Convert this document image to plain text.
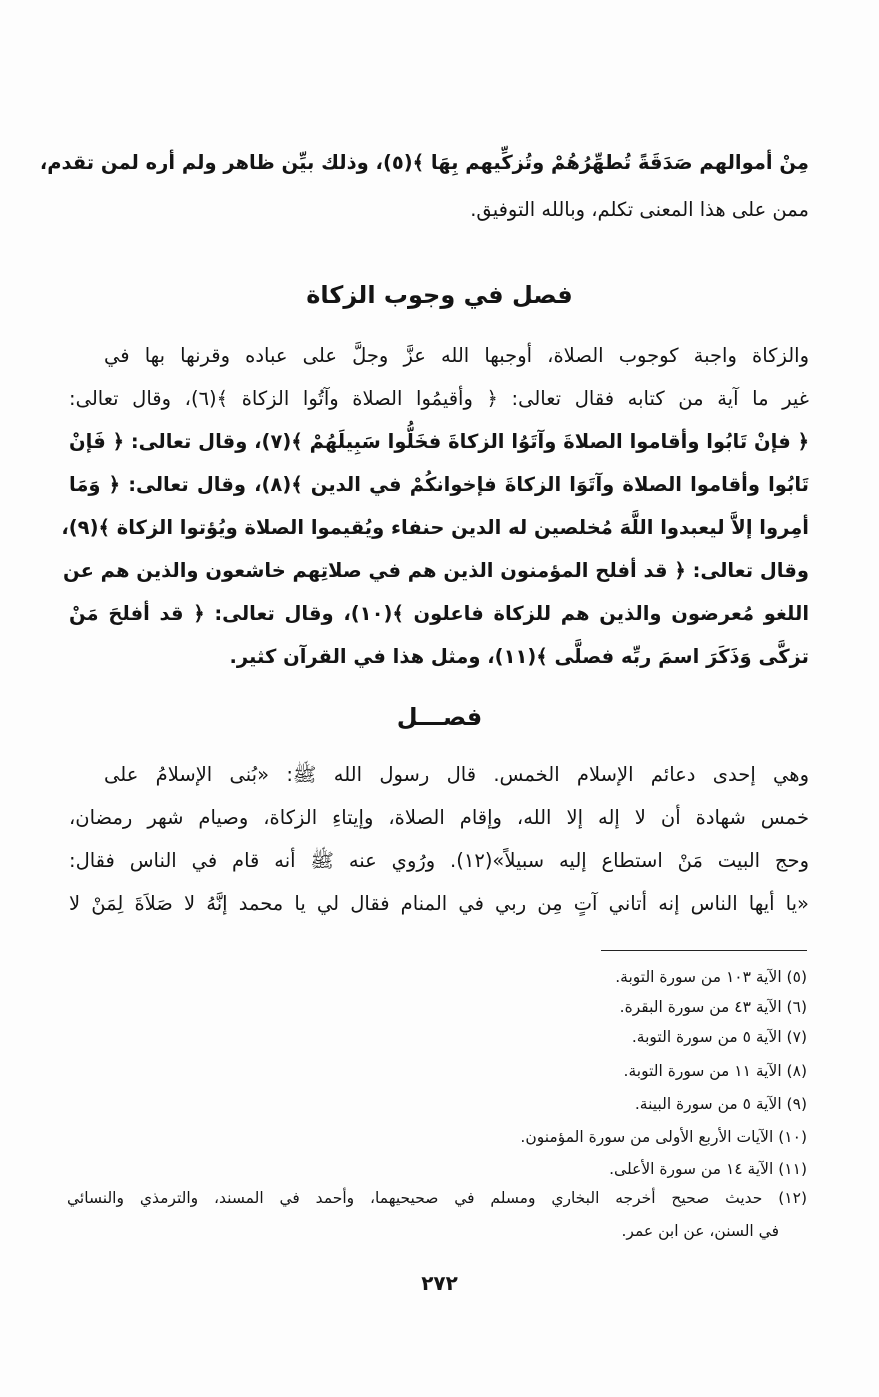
مِنْ أموالهم صَدَقَةً تُطهِّرُهُمْ وتُزكِّيهم بِهَا ﴾(٥)، وذلك بيِّن ظاهر ولم أره لمن تقدم،
ممن على هذا المعنى تكلم، وبالله التوفيق.
فصل في وجوب الزكاة
والزكاة واجبة كوجوب الصلاة، أوجبها الله عزَّ وجلَّ على عباده وقرنها بها في
غير ما آية من كتابه فقال تعالى: ﴿ وأقيمُوا الصلاة وآتُوا الزكاة ﴾(٦)، وقال تعالى:
﴿ فإنْ تَابُوا وأقاموا الصلاةَ وآتَوُا الزكاةَ فخَلُّوا سَبِيلَهُمْ ﴾(٧)، وقال تعالى: ﴿ فَإنْ
تَابُوا وأقاموا الصلاة وآتَوَا الزكاةَ فإخوانكُمْ في الدين ﴾(٨)، وقال تعالى: ﴿ وَمَا
أمِروا إلاَّ ليعبدوا اللَّهَ مُخلصين له الدين حنفاء ويُقيموا الصلاة ويُؤتوا الزكاة ﴾(٩)،
وقال تعالى: ﴿ قد أفلح المؤمنون الذين هم في صلاتِهم خاشعون والذين هم عن
اللغو مُعرضون والذين هم للزكاة فاعلون ﴾(١٠)، وقال تعالى: ﴿ قد أفلحَ مَنْ
تزكَّى وَذَكَرَ اسمَ ربِّه فصلَّى ﴾(١١)، ومثل هذا في القرآن كثير.
فصـــل
وهي إحدى دعائم الإسلام الخمس. قال رسول الله ﷺ: «بُنى الإسلامُ على
خمس شهادة أن لا إله إلا الله، وإقام الصلاة، وإيتاءِ الزكاة، وصيام شهر رمضان،
وحج البيت مَنْ استطاع إليه سبيلاً»(١٢). ورُوي عنه ﷺ أنه قام في الناس فقال:
«يا أيها الناس إنه أتاني آتٍ مِن ربي في المنام فقال لي يا محمد إنَّهُ لا صَلاَةَ لِمَنْ لا
(٥) الآية ١٠٣ من سورة التوبة.
(٦) الآية ٤٣ من سورة البقرة.
(٧) الآية ٥ من سورة التوبة.
(٨) الآية ١١ من سورة التوبة.
(٩) الآية ٥ من سورة البينة.
(١٠) الآيات الأربع الأولى من سورة المؤمنون.
(١١) الآية ١٤ من سورة الأعلى.
(١٢) حديث صحيح أخرجه البخاري ومسلم في صحيحيهما، وأحمد في المسند، والترمذي والنسائي
في السنن، عن ابن عمر.
٢٧٢
